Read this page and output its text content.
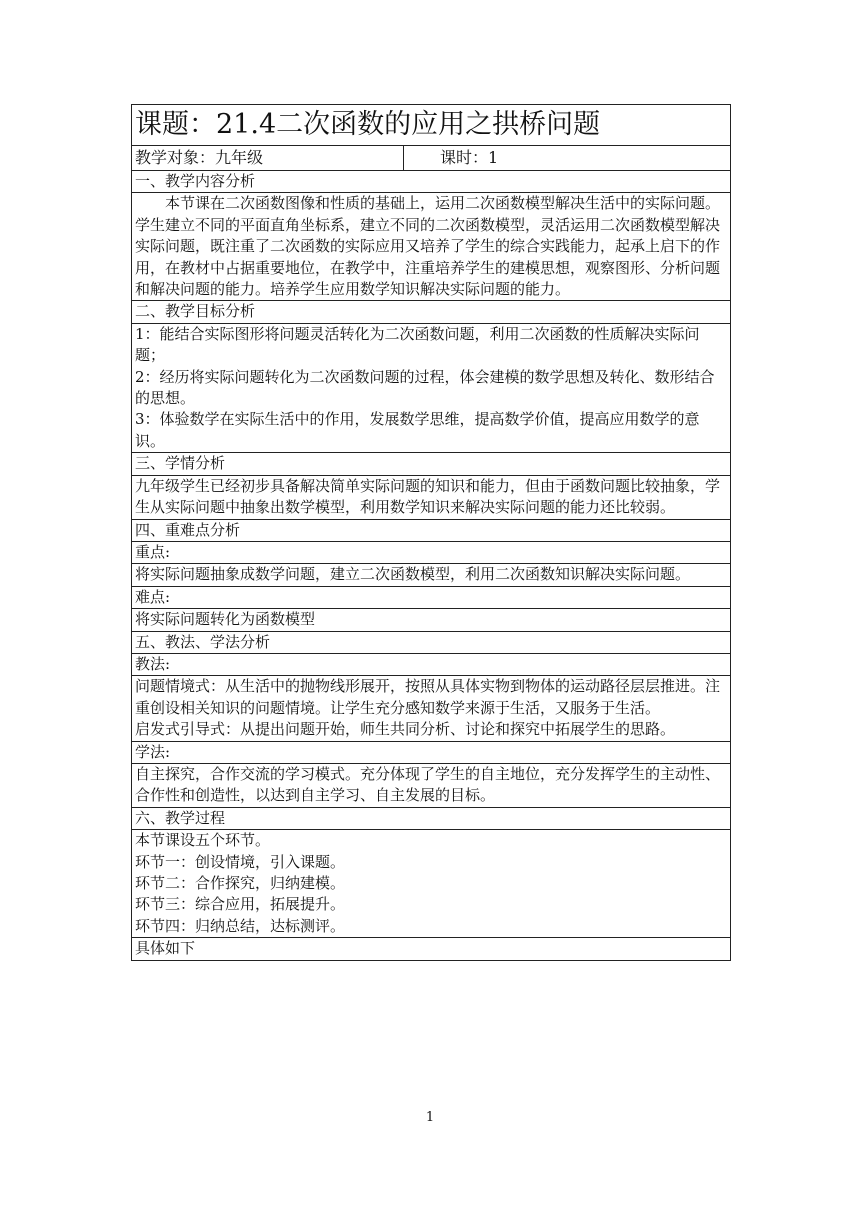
课题：21.4二次函数的应用之拱桥问题
教学对象：九年级	课时：1
一、教学内容分析

本节课在二次函数图像和性质的基础上，运用二次函数模型解决生活中的实际问题。学生建立不同的平面直角坐标系，建立不同的二次函数模型，灵活运用二次函数模型解决实际问题，既注重了二次函数的实际应用又培养了学生的综合实践能力，起承上启下的作用，在教材中占据重要地位，在教学中，注重培养学生的建模思想，观察图形、分析问题和解决问题的能力。培养学生应用数学知识解决实际问题的能力。

二、教学目标分析

1：能结合实际图形将问题灵活转化为二次函数问题，利用二次函数的性质解决实际问题；

2：经历将实际问题转化为二次函数问题的过程，体会建模的数学思想及转化、数形结合的思想。

3：体验数学在实际生活中的作用，发展数学思维，提高数学价值，提高应用数学的意识。

三、学情分析
九年级学生已经初步具备解决简单实际问题的知识和能力，但由于函数问题比较抽象，学生从实际问题中抽象出数学模型，利用数学知识来解决实际问题的能力还比较弱。
四、重难点分析
重点:
将实际问题抽象成数学问题，建立二次函数模型，利用二次函数知识解决实际问题。
难点:
将实际问题转化为函数模型
五、教法、学法分析
教法:

问题情境式：从生活中的抛物线形展开，按照从具体实物到物体的运动路径层层推进。注重创设相关知识的问题情境。让学生充分感知数学来源于生活，又服务于生活。

启发式引导式：从提出问题开始，师生共同分析、讨论和探究中拓展学生的思路。

学法:
自主探究，合作交流的学习模式。充分体现了学生的自主地位，充分发挥学生的主动性、合作性和创造性，以达到自主学习、自主发展的目标。
六、教学过程

本节课设五个环节。

环节一：创设情境，引入课题。

环节二：合作探究，归纳建模。

环节三：综合应用，拓展提升。

环节四：归纳总结，达标测评。

具体如下
1
